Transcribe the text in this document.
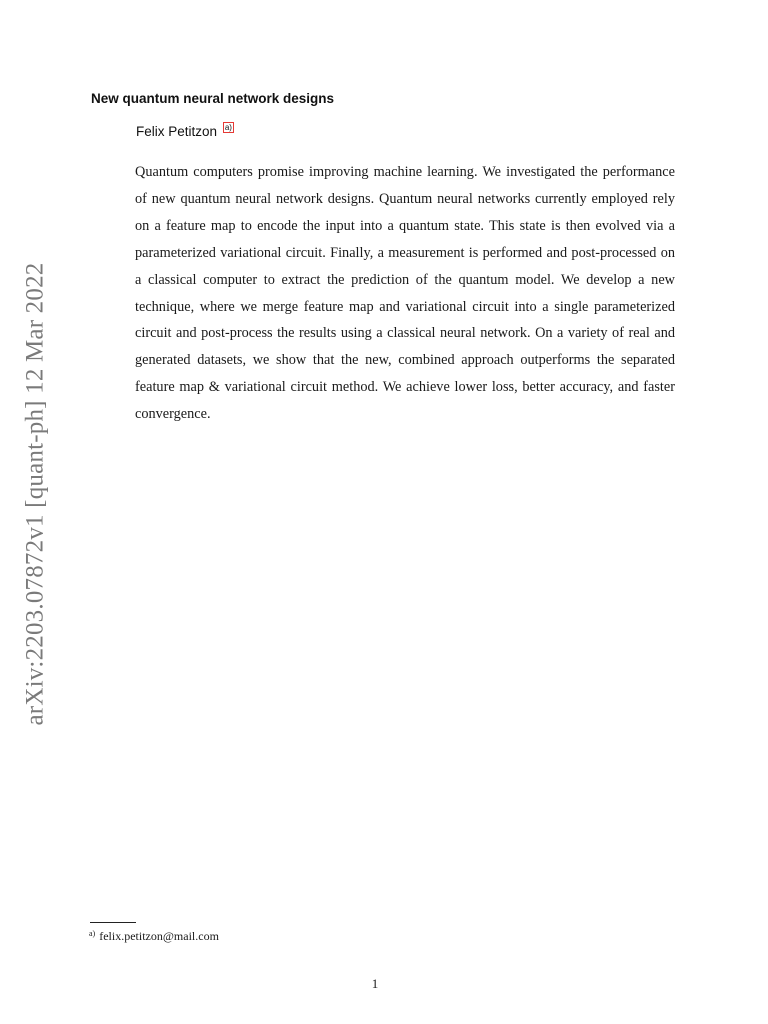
arXiv:2203.07872v1 [quant-ph] 12 Mar 2022
New quantum neural network designs
Felix Petitzon a)

Quantum computers promise improving machine learning. We investigated the performance of new quantum neural network designs. Quantum neural networks currently employed rely on a feature map to encode the input into a quantum state. This state is then evolved via a parameterized variational circuit. Finally, a measurement is performed and post-processed on a classical computer to extract the prediction of the quantum model. We develop a new technique, where we merge feature map and variational circuit into a single parameterized circuit and post-process the results using a classical neural network. On a variety of real and generated datasets, we show that the new, combined approach outperforms the separated feature map & variational circuit method. We achieve lower loss, better accuracy, and faster convergence.

$^{a)}$ felix.petitzon@mail.com
1
